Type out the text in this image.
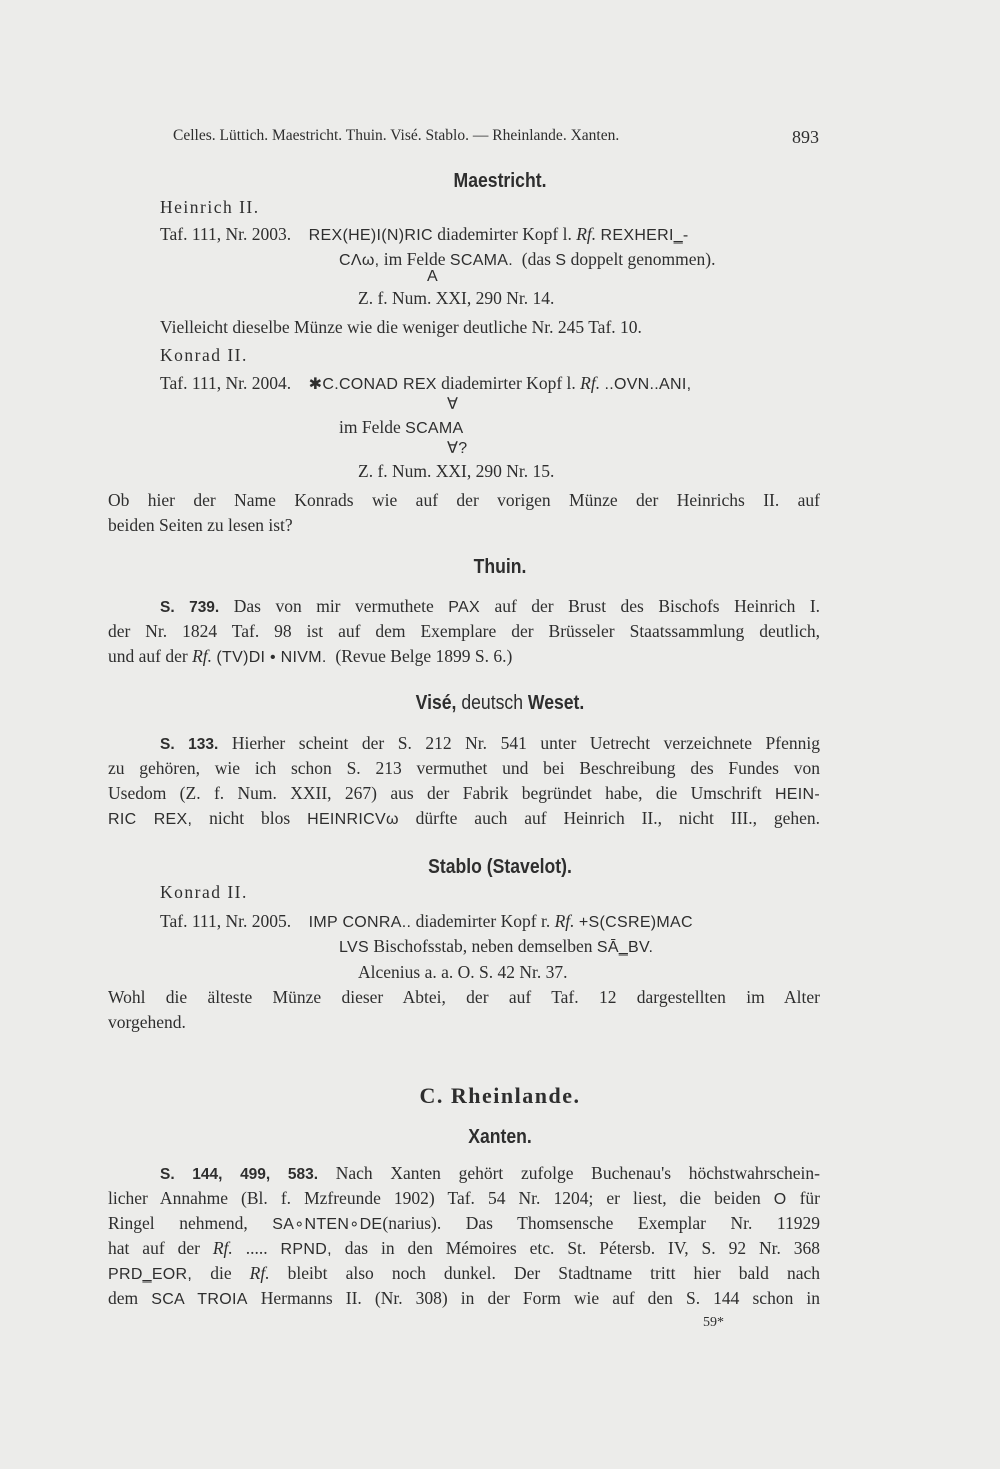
Celles. Lüttich. Maestricht. Thuin. Visé. Stablo. — Rheinlande. Xanten.	893
Maestricht.
Heinrich II.
Taf. 111, Nr. 2003. REX(HE)I(N)RIC diademirter Kopf l. Rf. REXHERI‗-
CΛω, im Felde SCAMA. (das S doppelt genommen).
A
Z. f. Num. XXI, 290 Nr. 14.
Vielleicht dieselbe Münze wie die weniger deutliche Nr. 245 Taf. 10.
Konrad II.
Taf. 111, Nr. 2004. ✱C.CONAD REX diademirter Kopf l. Rf. ..OVN..ANI,
∀
im Felde SCAMA
∀?
Z. f. Num. XXI, 290 Nr. 15.
Ob hier der Name Konrads wie auf der vorigen Münze der Heinrichs II. auf
beiden Seiten zu lesen ist?
Thuin.
S. 739. Das von mir vermuthete PAX auf der Brust des Bischofs Heinrich I.
der Nr. 1824 Taf. 98 ist auf dem Exemplare der Brüsseler Staatssammlung deutlich,
und auf der Rf. (TV)DI • NIVM. (Revue Belge 1899 S. 6.)
Visé, deutsch Weset.
S. 133. Hierher scheint der S. 212 Nr. 541 unter Uetrecht verzeichnete Pfennig
zu gehören, wie ich schon S. 213 vermuthet und bei Beschreibung des Fundes von
Usedom (Z. f. Num. XXII, 267) aus der Fabrik begründet habe, die Umschrift HEIN-
RIC REX, nicht blos HEINRICVω dürfte auch auf Heinrich II., nicht III., gehen.
Stablo (Stavelot).
Konrad II.
Taf. 111, Nr. 2005. IMP CONRA.. diademirter Kopf r. Rf. +S(CSRE)MAC
LVS Bischofsstab, neben demselben SĀ‗BV.
Alcenius a. a. O. S. 42 Nr. 37.
Wohl die älteste Münze dieser Abtei, der auf Taf. 12 dargestellten im Alter
vorgehend.
C. Rheinlande.
Xanten.
S. 144, 499, 583. Nach Xanten gehört zufolge Buchenau's höchstwahrschein-
licher Annahme (Bl. f. Mzfreunde 1902) Taf. 54 Nr. 1204; er liest, die beiden O für
Ringel nehmend, SA∘NTEN∘DE(narius). Das Thomsensche Exemplar Nr. 11929
hat auf der Rf. ..... RPND, das in den Mémoires etc. St. Pétersb. IV, S. 92 Nr. 368
PRD‗EOR, die Rf. bleibt also noch dunkel. Der Stadtname tritt hier bald nach
dem SCA TROIA Hermanns II. (Nr. 308) in der Form wie auf den S. 144 schon in
59*
